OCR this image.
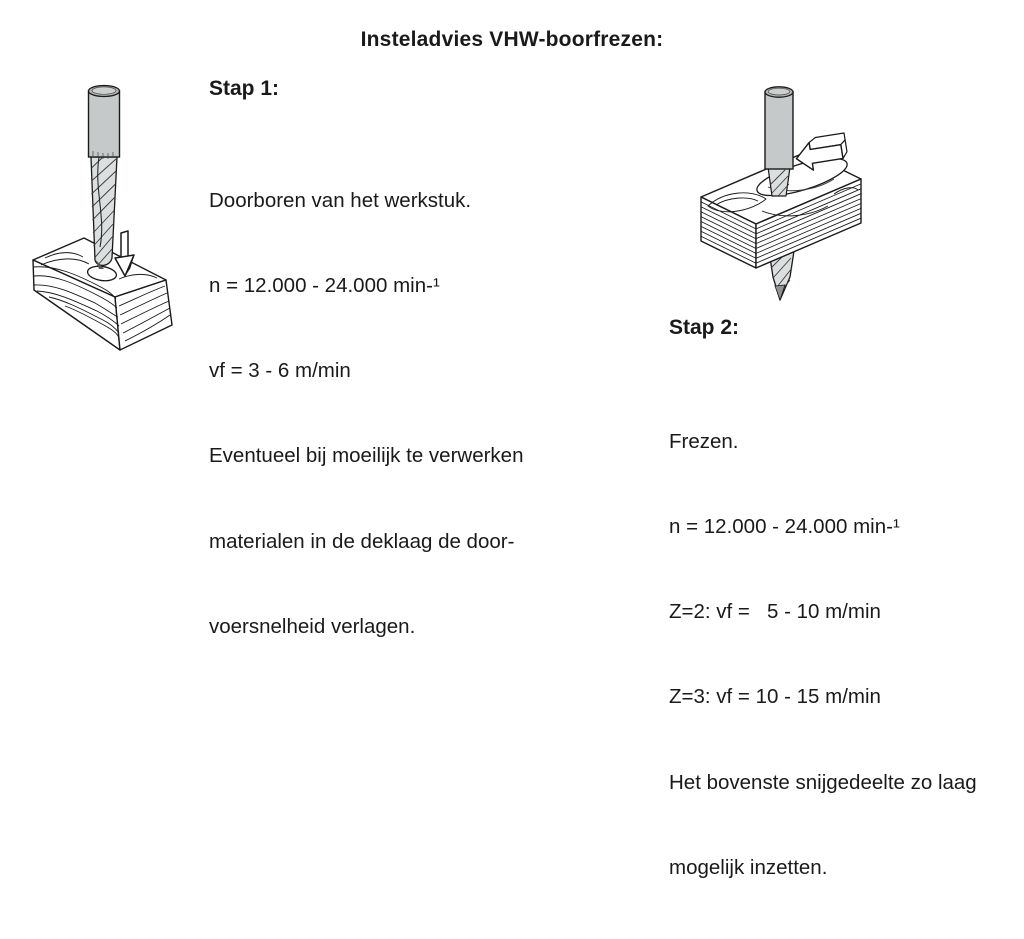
Insteladvies VHW-boorfrezen:
Stap 1:

Doorboren van het werkstuk.

n = 12.000 - 24.000 min-¹

vf = 3 - 6 m/min

Eventueel bij moeilijk te verwerken

materialen in de deklaag de door-

voersnelheid verlagen.

Stap 2:

Frezen.

n = 12.000 - 24.000 min-¹

Z=2: vf =   5 - 10 m/min

Z=3: vf = 10 - 15 m/min

Het bovenste snijgedeelte zo laag

mogelijk inzetten.
